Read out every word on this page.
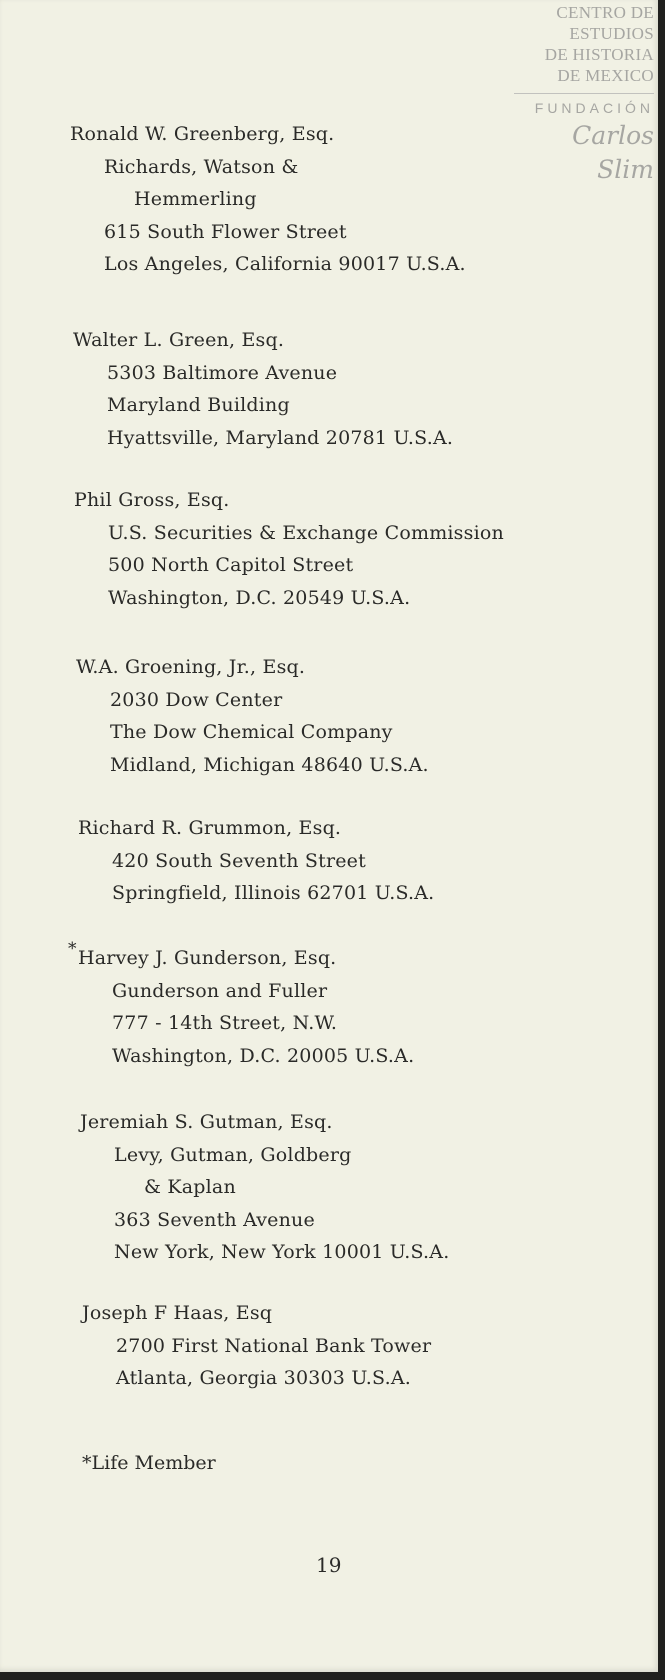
CENTRO DE
ESTUDIOS
DE HISTORIA
DE MEXICO
FUNDACIÓN
Carlos Slim
Ronald W. Greenberg, Esq.
Richards, Watson &
Hemmerling
615 South Flower Street
Los Angeles, California 90017 U.S.A.
Walter L. Green, Esq.
5303 Baltimore Avenue
Maryland Building
Hyattsville, Maryland 20781 U.S.A.
Phil Gross, Esq.
U.S. Securities & Exchange Commission
500 North Capitol Street
Washington, D.C. 20549 U.S.A.
W.A. Groening, Jr., Esq.
2030 Dow Center
The Dow Chemical Company
Midland, Michigan 48640 U.S.A.
Richard R. Grummon, Esq.
420 South Seventh Street
Springfield, Illinois 62701 U.S.A.
* Harvey J. Gunderson, Esq.
Gunderson and Fuller
777 - 14th Street, N.W.
Washington, D.C. 20005 U.S.A.
Jeremiah S. Gutman, Esq.
Levy, Gutman, Goldberg
& Kaplan
363 Seventh Avenue
New York, New York 10001 U.S.A.
Joseph F Haas, Esq
2700 First National Bank Tower
Atlanta, Georgia 30303 U.S.A.
*Life Member
19
